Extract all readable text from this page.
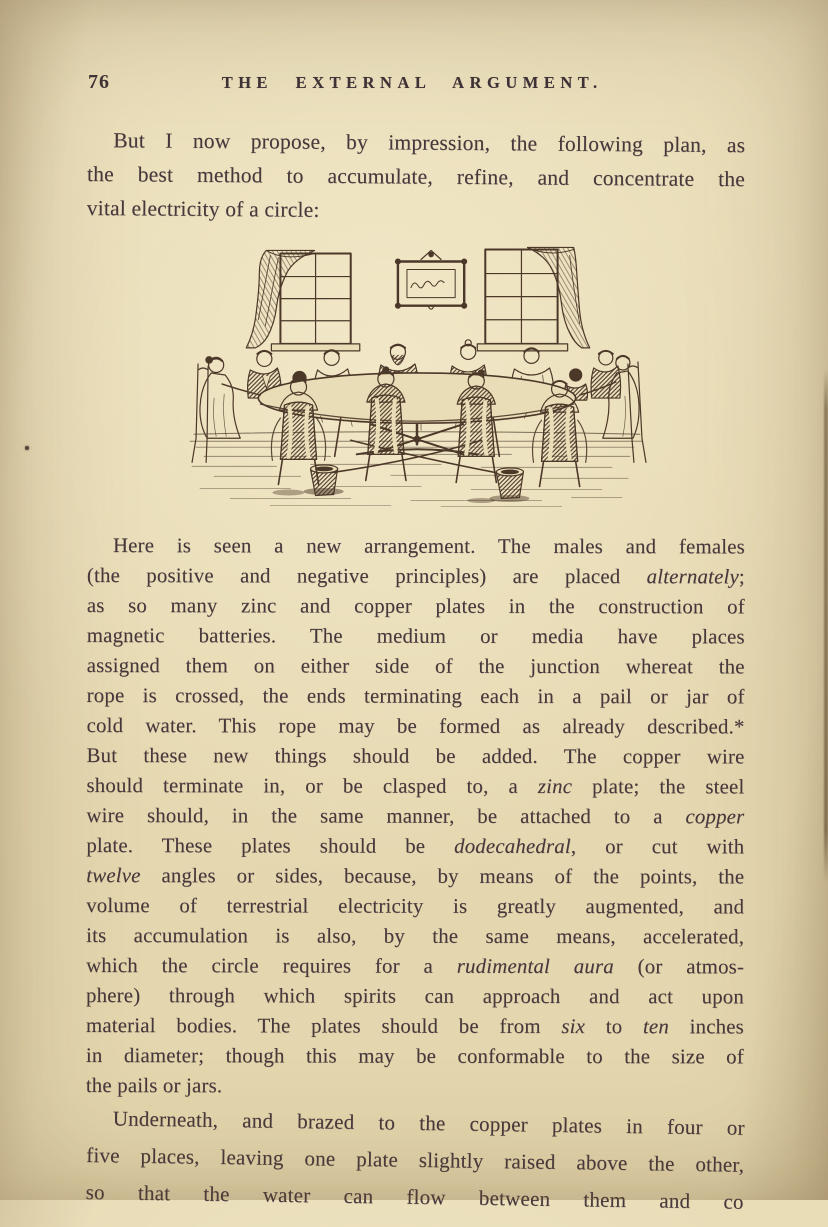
76	THE EXTERNAL ARGUMENT.
But I now propose, by impression, the following plan, as
the best method to accumulate, refine, and concentrate the
vital electricity of a circle:
Here is seen a new arrangement. The males and females
(the positive and negative principles) are placed alternately;
as so many zinc and copper plates in the construction of
magnetic batteries. The medium or media have places
assigned them on either side of the junction whereat the
rope is crossed, the ends terminating each in a pail or jar of
cold water. This rope may be formed as already described.*
But these new things should be added. The copper wire
should terminate in, or be clasped to, a zinc plate; the steel
wire should, in the same manner, be attached to a copper
plate. These plates should be dodecahedral, or cut with
twelve angles or sides, because, by means of the points, the
volume of terrestrial electricity is greatly augmented, and
its accumulation is also, by the same means, accelerated,
which the circle requires for a rudimental aura (or atmos-
phere) through which spirits can approach and act upon
material bodies. The plates should be from six to ten inches
in diameter; though this may be conformable to the size of
the pails or jars.
Underneath, and brazed to the copper plates in four or
five places, leaving one plate slightly raised above the other,
so that the water can flow between them and co
